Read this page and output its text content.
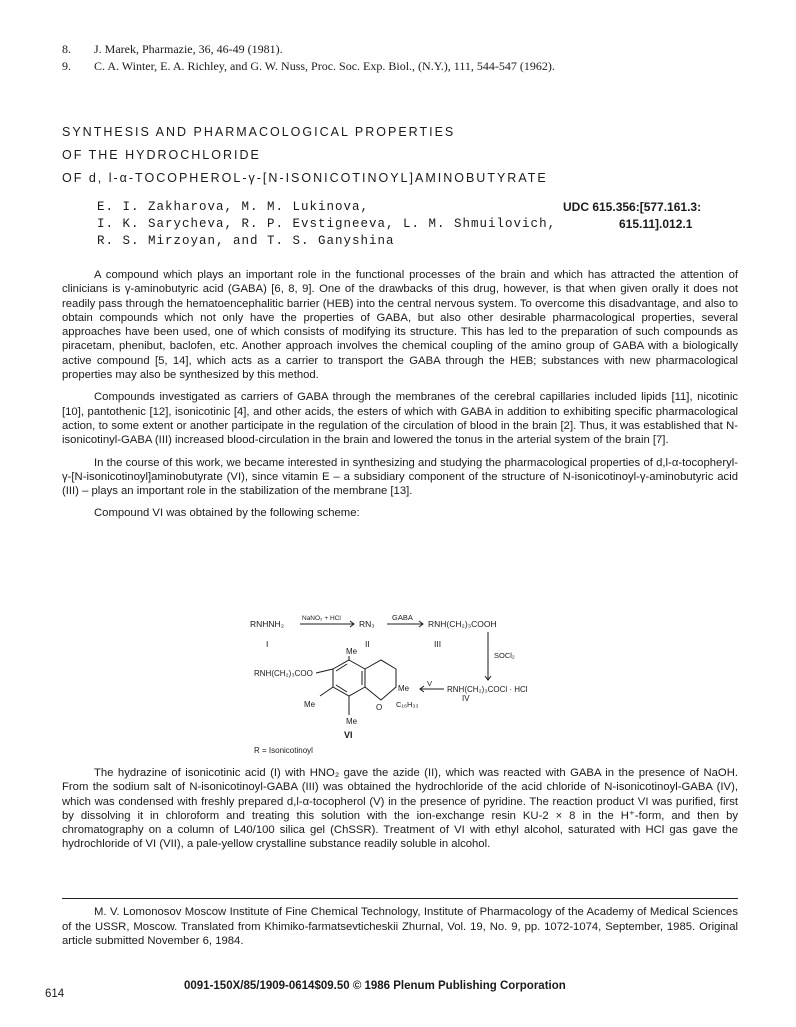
8.	J. Marek, Pharmazie, 36, 46-49 (1981).
9.	C. A. Winter, E. A. Richley, and G. W. Nuss, Proc. Soc. Exp. Biol., (N.Y.), 111, 544-547 (1962).
SYNTHESIS AND PHARMACOLOGICAL PROPERTIES
OF THE HYDROCHLORIDE
OF d, l-α-TOCOPHEROL-γ-[N-ISONICOTINOYL]AMINOBUTYRATE
E. I. Zakharova, M. M. Lukinova,
I. K. Sarycheva, R. P. Evstigneeva, L. M. Shmuilovich,
R. S. Mirzoyan, and T. S. Ganyshina
UDC 615.356:[577.161.3:
615.11].012.1

A compound which plays an important role in the functional processes of the brain and which has attracted the attention of clinicians is γ-aminobutyric acid (GABA) [6, 8, 9]. One of the drawbacks of this drug, however, is that when given orally it does not readily pass through the hematoencephalitic barrier (HEB) into the central nervous system. To overcome this disadvantage, and also to obtain compounds which not only have the properties of GABA, but also other desirable pharmacological properties, several approaches have been used, one of which consists of modifying its structure. This has led to the preparation of such compounds as piracetam, phenibut, baclofen, etc. Another approach involves the chemical coupling of the amino group of GABA with a biologically active compound [5, 14], which acts as a carrier to transport the GABA through the HEB; substances with new pharmacological properties may also be synthesized by this method.

Compounds investigated as carriers of GABA through the membranes of the cerebral capillaries included lipids [11], nicotinic [10], pantothenic [12], isonicotinic [4], and other acids, the esters of which with GABA in addition to exhibiting specific pharmacological action, to some extent or another participate in the regulation of the circulation of blood in the brain [2]. Thus, it was established that N-isonicotinyl-GABA (III) increased blood-circulation in the brain and lowered the tonus in the arterial system of the brain [7].

In the course of this work, we became interested in synthesizing and studying the pharmacological properties of d,l-α-tocopheryl-γ-[N-isonicotinoyl]aminobutyrate (VI), since vitamin E – a subsidiary component of the structure of N-isonicotinoyl-γ-aminobutyric acid (III) – plays an important role in the stabilization of the membrane [13].

Compound VI was obtained by the following scheme:

RNHNH₂
I
NaNO₂ + HCl
RN₃
II
GABA
RNH(CH₂)₃COOH
III
SOCl₂
RNH(CH₂)₃COCl · HCl
IV
V
RNH(CH₂)₃COO
Me
Me
Me
Me
O C₁₆H₃₃
VI
R = Isonicotinoyl

The hydrazine of isonicotinic acid (I) with HNO₂ gave the azide (II), which was reacted with GABA in the presence of NaOH. From the sodium salt of N-isonicotinoyl-GABA (III) was obtained the hydrochloride of the acid chloride of N-isonicotinoyl-GABA (IV), which was condensed with freshly prepared d,l-α-tocopherol (V) in the presence of pyridine. The reaction product VI was purified, first by dissolving it in chloroform and treating this solution with the ion-exchange resin KU-2 × 8 in the H⁺-form, and then by chromatography on a column of L40/100 silica gel (ChSSR). Treatment of VI with ethyl alcohol, saturated with HCl gas gave the hydrochloride of VI (VII), a pale-yellow crystalline substance readily soluble in alcohol.

M. V. Lomonosov Moscow Institute of Fine Chemical Technology, Institute of Pharmacology of the Academy of Medical Sciences of the USSR, Moscow. Translated from Khimiko-farmatsevticheskii Zhurnal, Vol. 19, No. 9, pp. 1072-1074, September, 1985. Original article submitted November 6, 1984.

614
0091-150X/85/1909-0614$09.50 © 1986 Plenum Publishing Corporation
